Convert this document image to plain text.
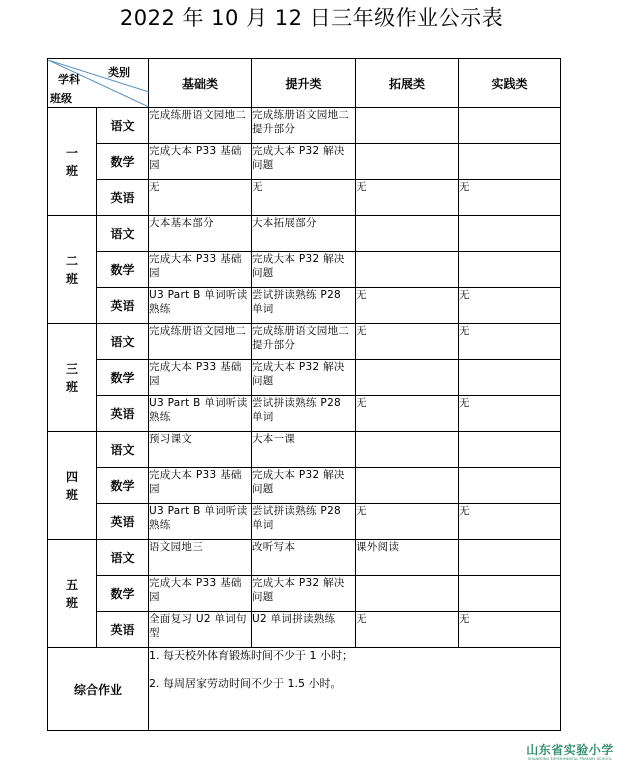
2022 年 10 月 12 日三年级作业公示表
类别
学科
班级		基础类	提升类	拓展类	实践类
一
班	语文	完成练册语文园地二	完成练册语文园地二提升部分		
	数学	完成大本 P33 基础园	完成大本 P32 解决问题		
	英语	无	无	无	无
二
班	语文	大本基本部分	大本拓展部分		
	数学	完成大本 P33 基础园	完成大本 P32 解决问题		
	英语	U3 Part B 单词听读熟练	尝试拼读熟练 P28 单词	无	无
三
班	语文	完成练册语文园地二	完成练册语文园地二提升部分	无	无
	数学	完成大本 P33 基础园	完成大本 P32 解决问题		
	英语	U3 Part B 单词听读熟练	尝试拼读熟练 P28 单词	无	无
四
班	语文	预习课文	大本一课		
	数学	完成大本 P33 基础园	完成大本 P32 解决问题		
	英语	U3 Part B 单词听读熟练	尝试拼读熟练 P28 单词	无	无
五
班	语文	语文园地三	改听写本	课外阅读	
	数学	完成大本 P33 基础园	完成大本 P32 解决问题		
	英语	全面复习 U2 单词句型	U2 单词拼读熟练	无	无
综合作业		1. 每天校外体育锻炼时间不少于 1 小时；
2. 每周居家劳动时间不少于 1.5 小时。			
山东省实验小学
SHANDONG EXPERIMENTAL PRIMARY SCHOOL
